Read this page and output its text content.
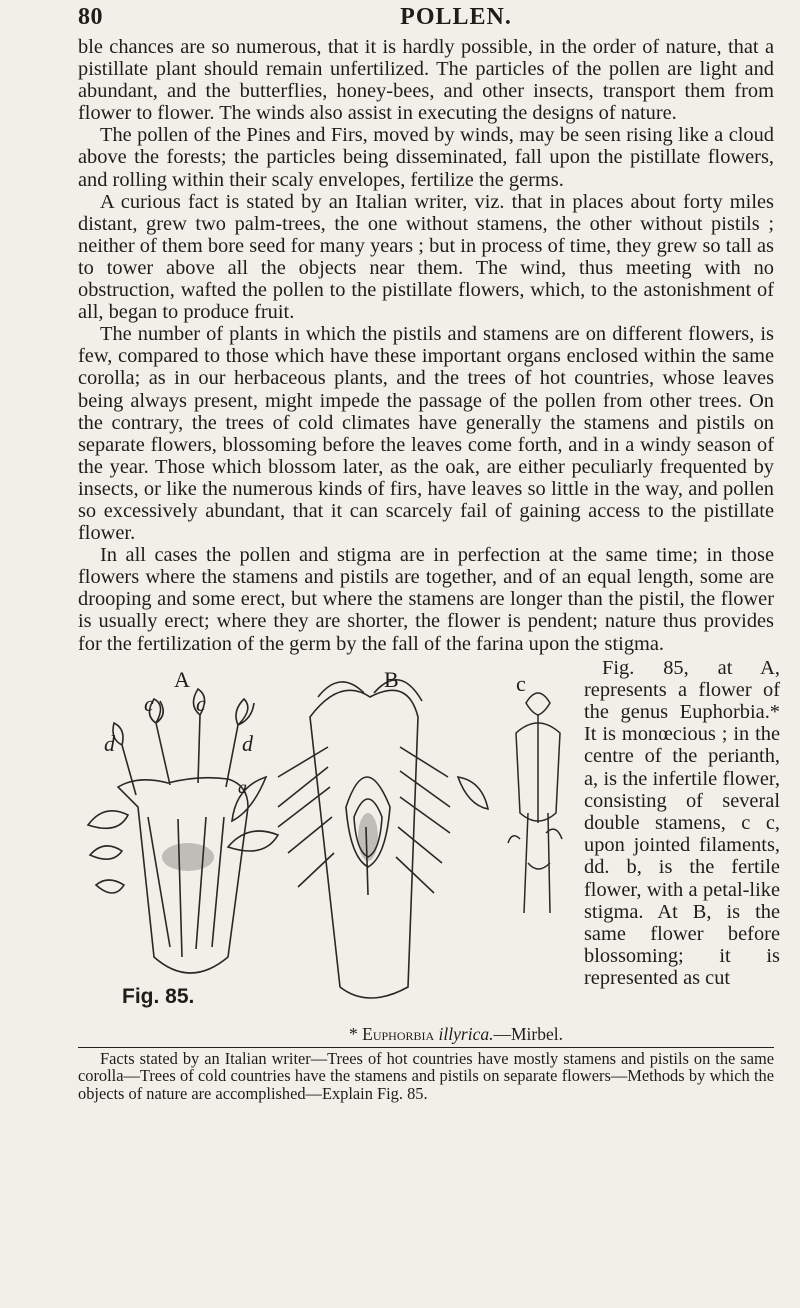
80	POLLEN.

ble chances are so numerous, that it is hardly possible, in the order of nature, that a pistillate plant should remain unfertilized. The particles of the pollen are light and abundant, and the butterflies, honey-bees, and other insects, transport them from flower to flower. The winds also assist in executing the designs of nature.

The pollen of the Pines and Firs, moved by winds, may be seen rising like a cloud above the forests; the particles being disseminated, fall upon the pistillate flowers, and rolling within their scaly envelopes, fertilize the germs.

A curious fact is stated by an Italian writer, viz. that in places about forty miles distant, grew two palm-trees, the one without stamens, the other without pistils ; neither of them bore seed for many years ; but in process of time, they grew so tall as to tower above all the objects near them. The wind, thus meeting with no obstruction, wafted the pollen to the pistillate flowers, which, to the astonishment of all, began to produce fruit.

The number of plants in which the pistils and stamens are on different flowers, is few, compared to those which have these important organs enclosed within the same corolla; as in our herbaceous plants, and the trees of hot countries, whose leaves being always present, might impede the passage of the pollen from other trees. On the contrary, the trees of cold climates have generally the stamens and pistils on separate flowers, blossoming before the leaves come forth, and in a windy season of the year. Those which blossom later, as the oak, are either peculiarly frequented by insects, or like the numerous kinds of firs, have leaves so little in the way, and pollen so excessively abundant, that it can scarcely fail of gaining access to the pistillate flower.

In all cases the pollen and stigma are in perfection at the same time; in those flowers where the stamens and pistils are together, and of an equal length, some are drooping and some erect, but where the stamens are longer than the pistil, the flower is usually erect; where they are shorter, the flower is pendent; nature thus provides for the fertilization of the germ by the fall of the farina upon the stigma.

A
c c
d	d
a
B	c
Fig. 85.
Fig. 85, at A, represents a flower of the genus Euphorbia.* It is monœcious ; in the centre of the perianth, a, is the infertile flower, consisting of several double stamens, c c, upon jointed filaments, dd. b, is the fertile flower, with a petal-like stigma. At B, is the same flower before blossoming; it is represented as cut
* Euphorbia illyrica.—Mirbel.
Facts stated by an Italian writer—Trees of hot countries have mostly stamens and pistils on the same corolla—Trees of cold countries have the stamens and pistils on separate flowers—Methods by which the objects of nature are accomplished—Explain Fig. 85.
